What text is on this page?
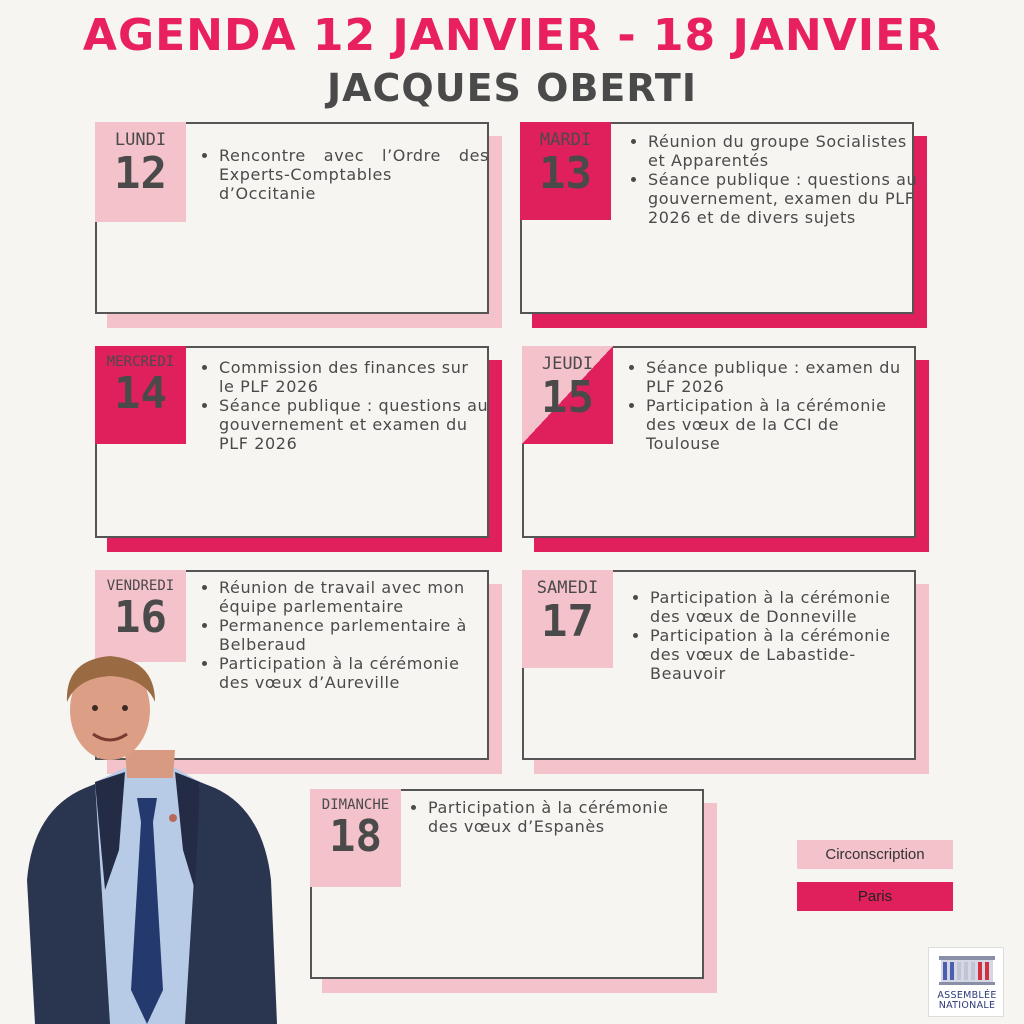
AGENDA 12 JANVIER - 18 JANVIER
JACQUES OBERTI
LUNDI
12	• Rencontre avec l’Ordre des Experts-Comptables d’Occitanie
MARDI
13
• Réunion du groupe Socialistes et Apparentés
• Séance publique : questions au gouvernement, examen du PLF 2026 et de divers sujets
MERCREDI
14
• Commission des finances sur le PLF 2026
• Séance publique : questions au gouvernement et examen du PLF 2026
JEUDI
15
• Séance publique : examen du PLF 2026
• Participation à la cérémonie des vœux de la CCI de Toulouse
VENDREDI
16
• Réunion de travail avec mon équipe parlementaire
• Permanence parlementaire à Belberaud
• Participation à la cérémonie des vœux d’Aureville
SAMEDI
17	• Participation à la cérémonie des vœux de Donneville
• Participation à la cérémonie des vœux de Labastide-Beauvoir
DIMANCHE
18
• Participation à la cérémonie des vœux d’Espanès
Circonscription
Paris
ASSEMBLÉE
NATIONALE
